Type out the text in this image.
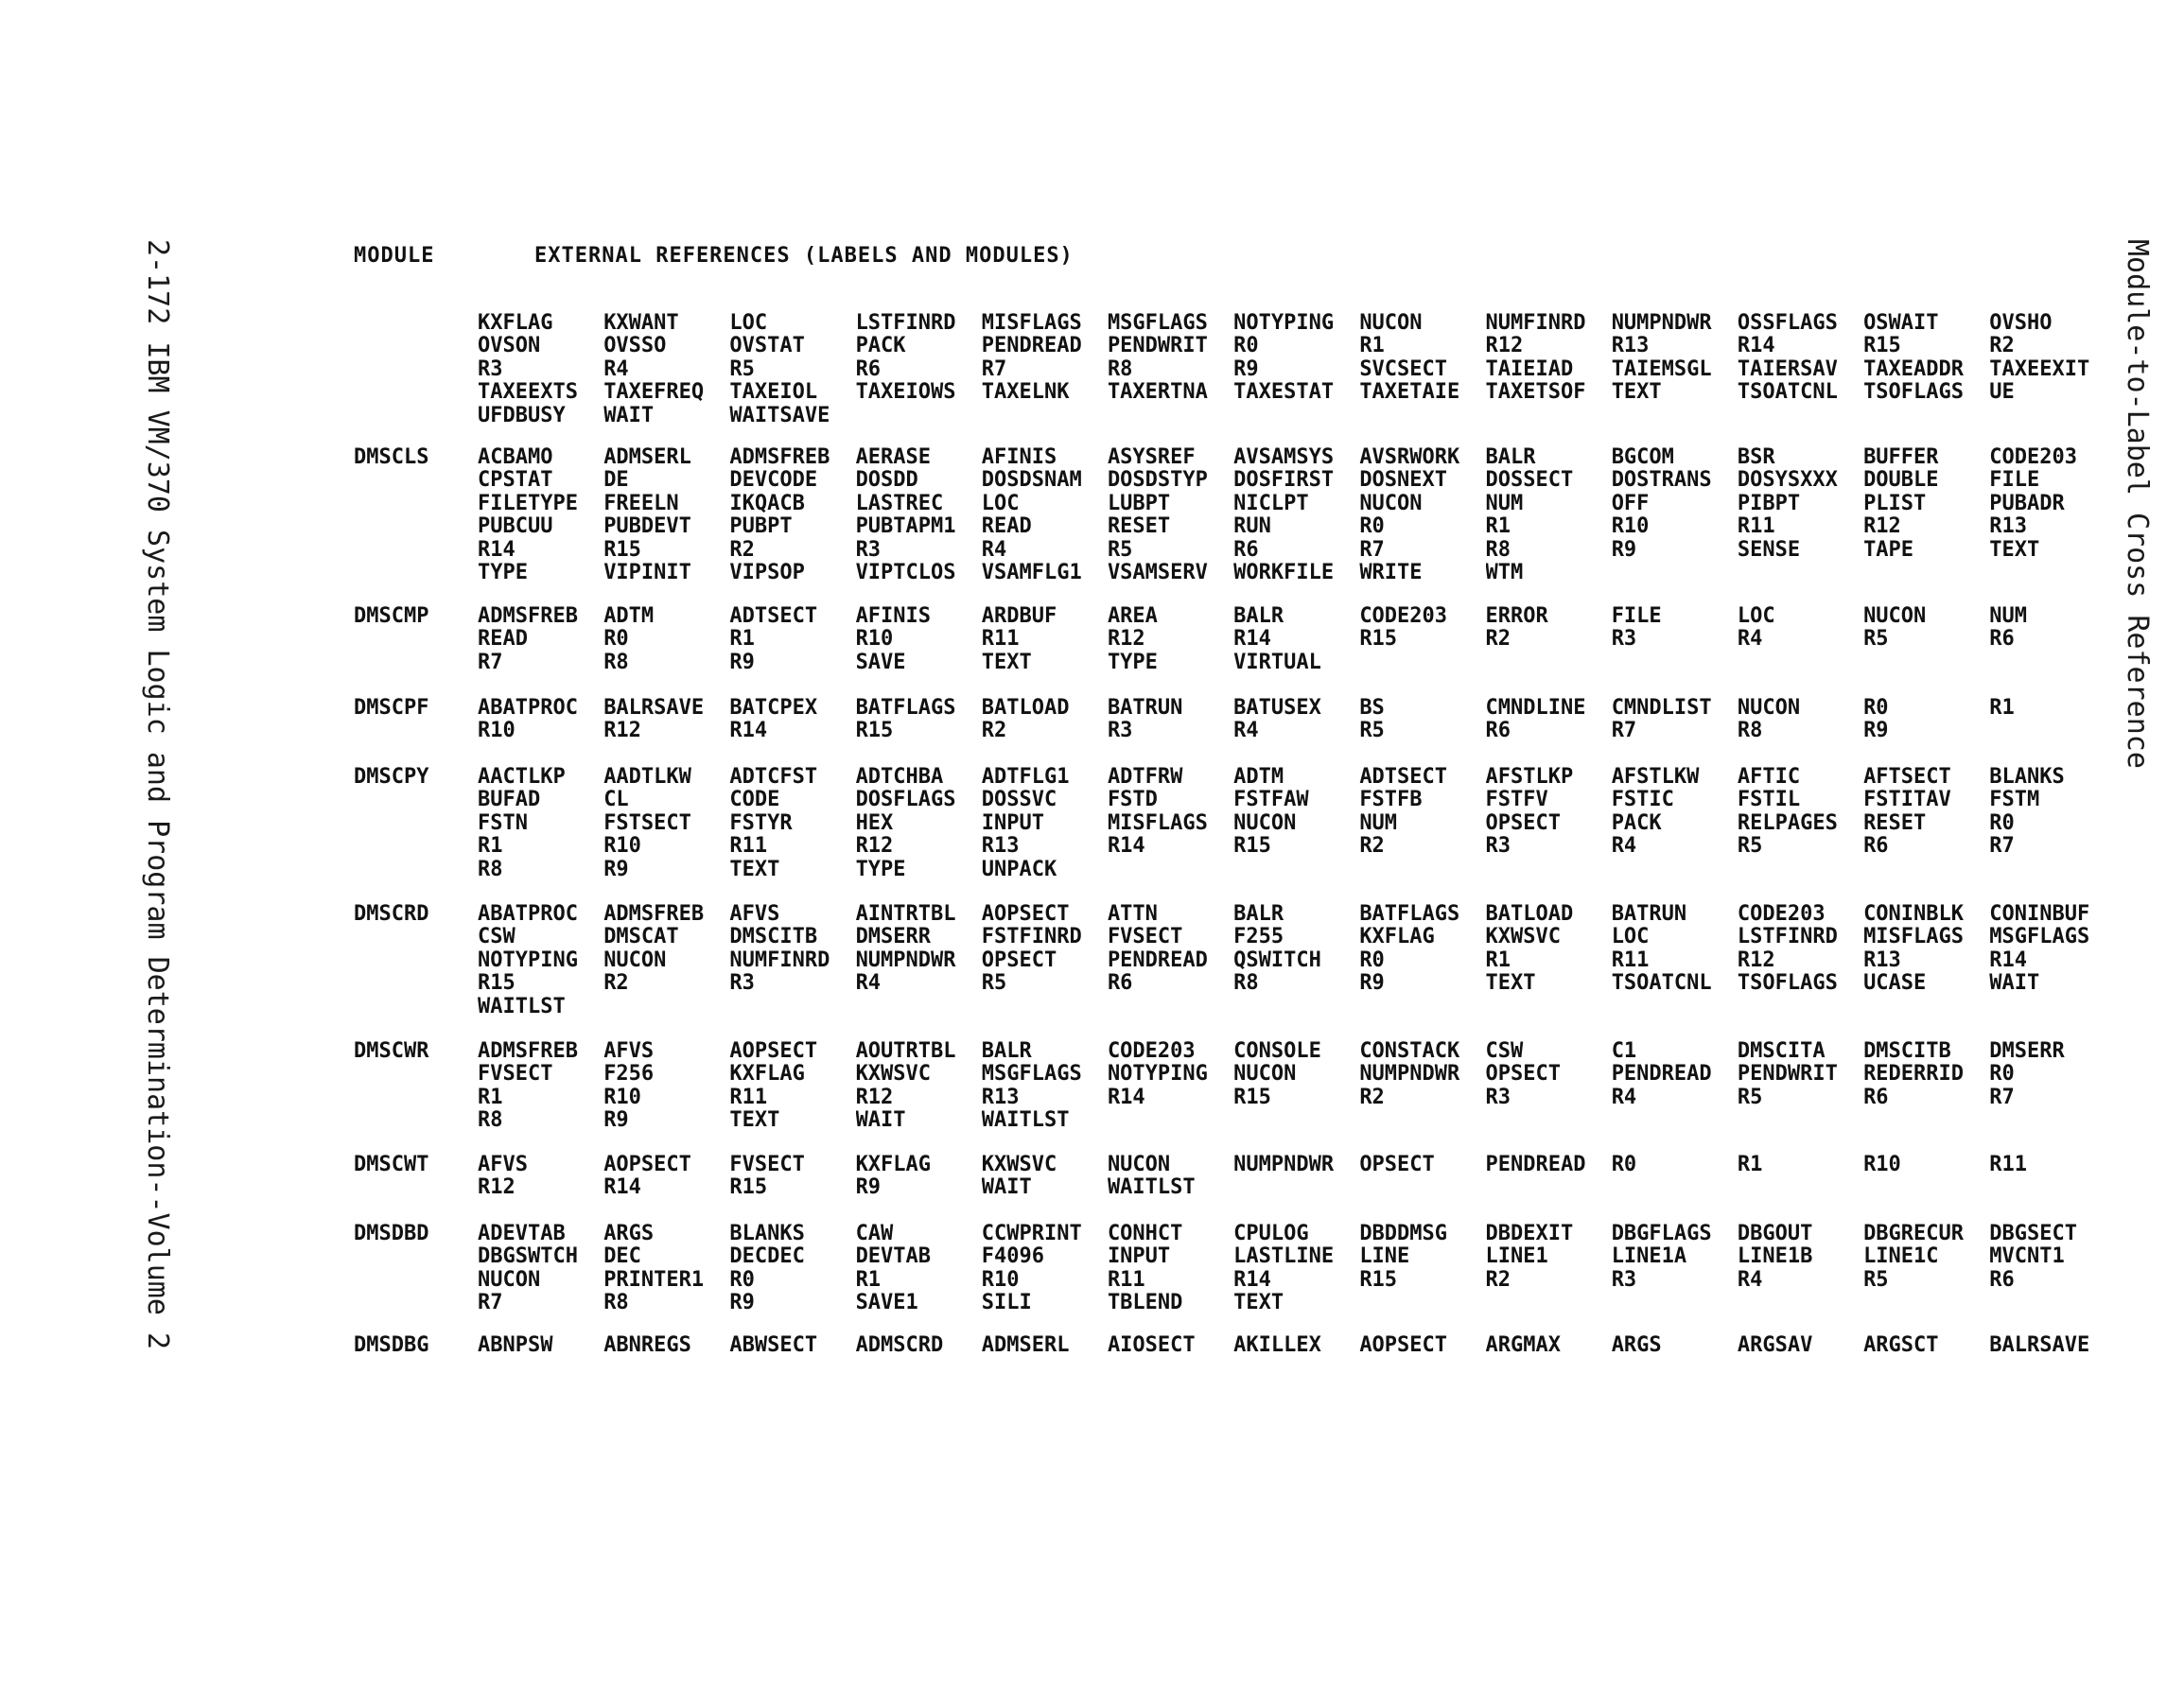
2-172 IBM VM/370 System Logic and Program Determination--Volume 2	Module-to-Label Cross Reference
MODULE	EXTERNAL REFERENCES (LABELS AND MODULES)
KXFLAG	KXWANT	LOC	LSTFINRD	MISFLAGS	MSGFLAGS	NOTYPING	NUCON	NUMFINRD	NUMPNDWR	OSSFLAGS	OSWAIT	OVSHO
OVSON	OVSSO	OVSTAT	PACK	PENDREAD	PENDWRIT	R0	R1	R12	R13	R14	R15	R2
R3	R4	R5	R6	R7	R8	R9	SVCSECT	TAIEIAD	TAIEMSGL	TAIERSAV	TAXEADDR	TAXEEXIT
TAXEEXTS	TAXEFREQ	TAXEIOL	TAXEIOWS	TAXELNK	TAXERTNA	TAXESTAT	TAXETAIE	TAXETSOF	TEXT	TSOATCNL	TSOFLAGS	UE
UFDBUSY	WAIT	WAITSAVE
DMSCLS ACBAMO	ADMSERL	ADMSFREB	AERASE	AFINIS	ASYSREF	AVSAMSYS	AVSRWORK	BALR	BGCOM	BSR	BUFFER	CODE203
CPSTAT	DE	DEVCODE	DOSDD	DOSDSNAM	DOSDSTYP	DOSFIRST	DOSNEXT	DOSSECT	DOSTRANS	DOSYSXXX	DOUBLE	FILE
FILETYPE	FREELN	IKQACB	LASTREC	LOC	LUBPT	NICLPT	NUCON	NUM	OFF	PIBPT	PLIST	PUBADR
PUBCUU	PUBDEVT	PUBPT	PUBTAPM1	READ	RESET	RUN	R0	R1	R10	R11	R12	R13
R14	R15	R2	R3	R4	R5	R6	R7	R8	R9	SENSE	TAPE	TEXT
TYPE	VIPINIT	VIPSOP	VIPTCLOS	VSAMFLG1	VSAMSERV	WORKFILE	WRITE	WTM
DMSCMP ADMSFREB	ADTM	ADTSECT	AFINIS	ARDBUF	AREA	BALR	CODE203	ERROR	FILE	LOC	NUCON	NUM
READ	R0	R1	R10	R11	R12	R14	R15	R2	R3	R4	R5	R6
R7	R8	R9	SAVE	TEXT	TYPE	VIRTUAL
DMSCPF ABATPROC	BALRSAVE	BATCPEX	BATFLAGS	BATLOAD	BATRUN	BATUSEX	BS	CMNDLINE	CMNDLIST	NUCON	R0	R1
R10	R12	R14	R15	R2	R3	R4	R5	R6	R7	R8	R9
DMSCPY AACTLKP	AADTLKW	ADTCFST	ADTCHBA	ADTFLG1	ADTFRW	ADTM	ADTSECT	AFSTLKP	AFSTLKW	AFTIC	AFTSECT	BLANKS
BUFAD	CL	CODE	DOSFLAGS	DOSSVC	FSTD	FSTFAW	FSTFB	FSTFV	FSTIC	FSTIL	FSTITAV	FSTM
FSTN	FSTSECT	FSTYR	HEX	INPUT	MISFLAGS	NUCON	NUM	OPSECT	PACK	RELPAGES	RESET	R0
R1	R10	R11	R12	R13	R14	R15	R2	R3	R4	R5	R6	R7
R8	R9	TEXT	TYPE	UNPACK
DMSCRD ABATPROC	ADMSFREB	AFVS	AINTRTBL	AOPSECT	ATTN	BALR	BATFLAGS	BATLOAD	BATRUN	CODE203	CONINBLK	CONINBUF
CSW	DMSCAT	DMSCITB	DMSERR	FSTFINRD	FVSECT	F255	KXFLAG	KXWSVC	LOC	LSTFINRD	MISFLAGS	MSGFLAGS
NOTYPING	NUCON	NUMFINRD	NUMPNDWR	OPSECT	PENDREAD	QSWITCH	R0	R1	R11	R12	R13	R14
R15	R2	R3	R4	R5	R6	R8	R9	TEXT	TSOATCNL	TSOFLAGS	UCASE	WAIT
WAITLST
DMSCWR ADMSFREB	AFVS	AOPSECT	AOUTRTBL	BALR	CODE203	CONSOLE	CONSTACK	CSW	C1	DMSCITA	DMSCITB	DMSERR
FVSECT	F256	KXFLAG	KXWSVC	MSGFLAGS	NOTYPING	NUCON	NUMPNDWR	OPSECT	PENDREAD	PENDWRIT	REDERRID	R0
R1	R10	R11	R12	R13	R14	R15	R2	R3	R4	R5	R6	R7
R8	R9	TEXT	WAIT	WAITLST
DMSCWT AFVS	AOPSECT	FVSECT	KXFLAG	KXWSVC	NUCON	NUMPNDWR	OPSECT	PENDREAD	R0	R1	R10	R11
R12	R14	R15	R9	WAIT	WAITLST
DMSDBD ADEVTAB	ARGS	BLANKS	CAW	CCWPRINT	CONHCT	CPULOG	DBDDMSG	DBDEXIT	DBGFLAGS	DBGOUT	DBGRECUR	DBGSECT
DBGSWTCH	DEC	DECDEC	DEVTAB	F4096	INPUT	LASTLINE	LINE	LINE1	LINE1A	LINE1B	LINE1C	MVCNT1
NUCON	PRINTER1	R0	R1	R10	R11	R14	R15	R2	R3	R4	R5	R6
R7	R8	R9	SAVE1	SILI	TBLEND	TEXT
DMSDBG ABNPSW	ABNREGS	ABWSECT	ADMSCRD	ADMSERL	AIOSECT	AKILLEX	AOPSECT	ARGMAX	ARGS	ARGSAV	ARGSCT	BALRSAVE
